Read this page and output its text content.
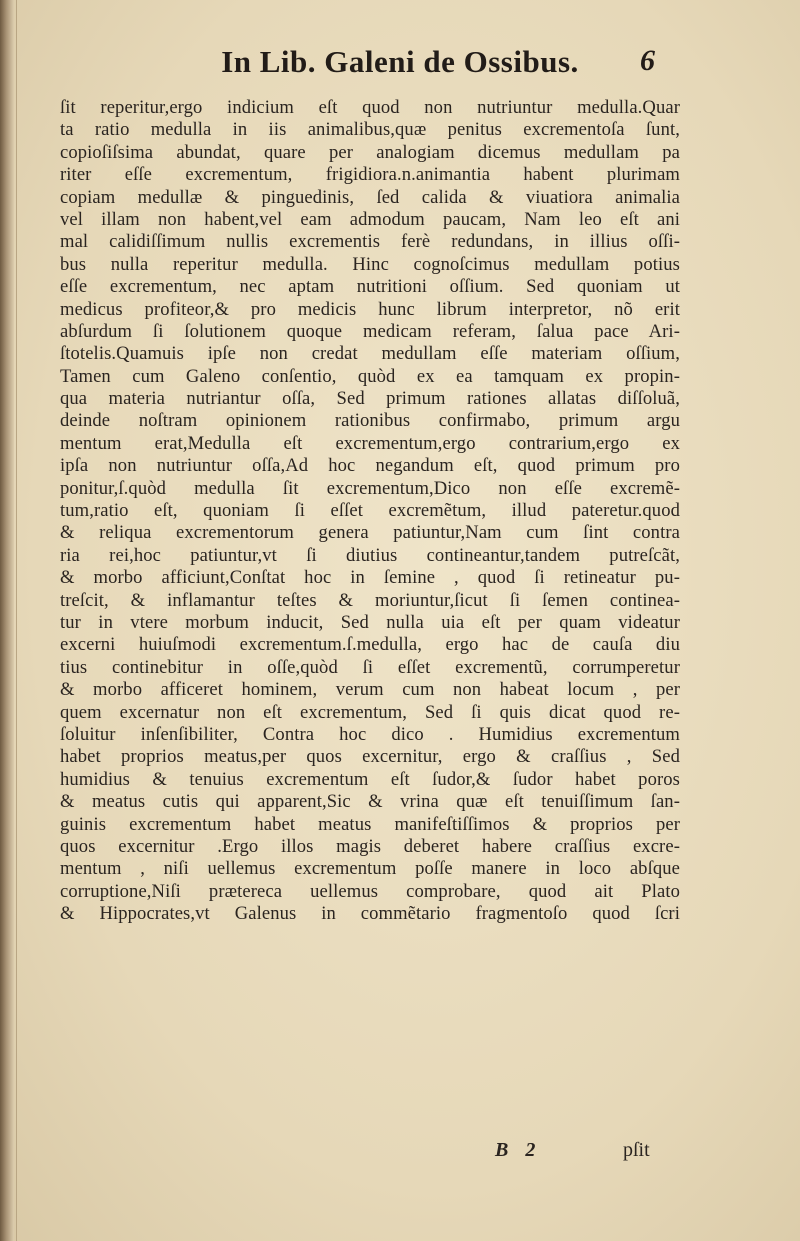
In Lib. Galeni de Ossibus.	6
ſit reperitur,ergo indicium eſt quod non nutriuntur medulla.Quar
ta ratio medulla in iis animalibus,quæ penitus excrementoſa ſunt,
copioſiſsima abundat, quare per analogiam dicemus medullam pa
riter eſſe excrementum, frigidiora.n.animantia habent plurimam
copiam medullæ & pinguedinis, ſed calida & viuatiora animalia
vel illam non habent,vel eam admodum paucam, Nam leo eſt ani
mal calidiſſimum nullis excrementis ferè redundans, in illius oſſi-
bus nulla reperitur medulla. Hinc cognoſcimus medullam potius
eſſe excrementum, nec aptam nutritioni oſſium. Sed quoniam ut
medicus profiteor,& pro medicis hunc librum interpretor, nõ erit
abſurdum ſi ſolutionem quoque medicam referam, ſalua pace Ari-
ſtotelis.Quamuis ipſe non credat medullam eſſe materiam oſſium,
Tamen cum Galeno conſentio, quòd ex ea tamquam ex propin-
qua materia nutriantur oſſa, Sed primum rationes allatas diſſoluã,
deinde noſtram opinionem rationibus confirmabo, primum argu
mentum erat,Medulla eſt excrementum,ergo contrarium,ergo ex
ipſa non nutriuntur oſſa,Ad hoc negandum eſt, quod primum pro
ponitur,ſ.quòd medulla ſit excrementum,Dico non eſſe excremẽ-
tum,ratio eſt, quoniam ſi eſſet excremẽtum, illud pateretur.quod
& reliqua excrementorum genera patiuntur,Nam cum ſint contra
ria rei,hoc patiuntur,vt ſi diutius contineantur,tandem putreſcãt,
& morbo afficiunt,Conſtat hoc in ſemine , quod ſi retineatur pu-
treſcit, & inflamantur teſtes & moriuntur,ſicut ſi ſemen continea-
tur in vtere morbum inducit, Sed nulla uia eſt per quam videatur
excerni huiuſmodi excrementum.ſ.medulla, ergo hac de cauſa diu
tius continebitur in oſſe,quòd ſi eſſet excrementũ, corrumperetur
& morbo afficeret hominem, verum cum non habeat locum , per
quem excernatur non eſt excrementum, Sed ſi quis dicat quod re-
ſoluitur inſenſibiliter, Contra hoc dico . Humidius excrementum
habet proprios meatus,per quos excernitur, ergo & craſſius , Sed
humidius & tenuius excrementum eſt ſudor,& ſudor habet poros
& meatus cutis qui apparent,Sic & vrina quæ eſt tenuiſſimum ſan-
guinis excrementum habet meatus manifeſtiſſimos & proprios per
quos excernitur .Ergo illos magis deberet habere craſſius excre-
mentum , niſi uellemus excrementum poſſe manere in loco abſque
corruptione,Niſi prætereca uellemus comprobare, quod ait Plato
& Hippocrates,vt Galenus in commẽtario fragmentoſo quod ſcri
B 2	pſit
